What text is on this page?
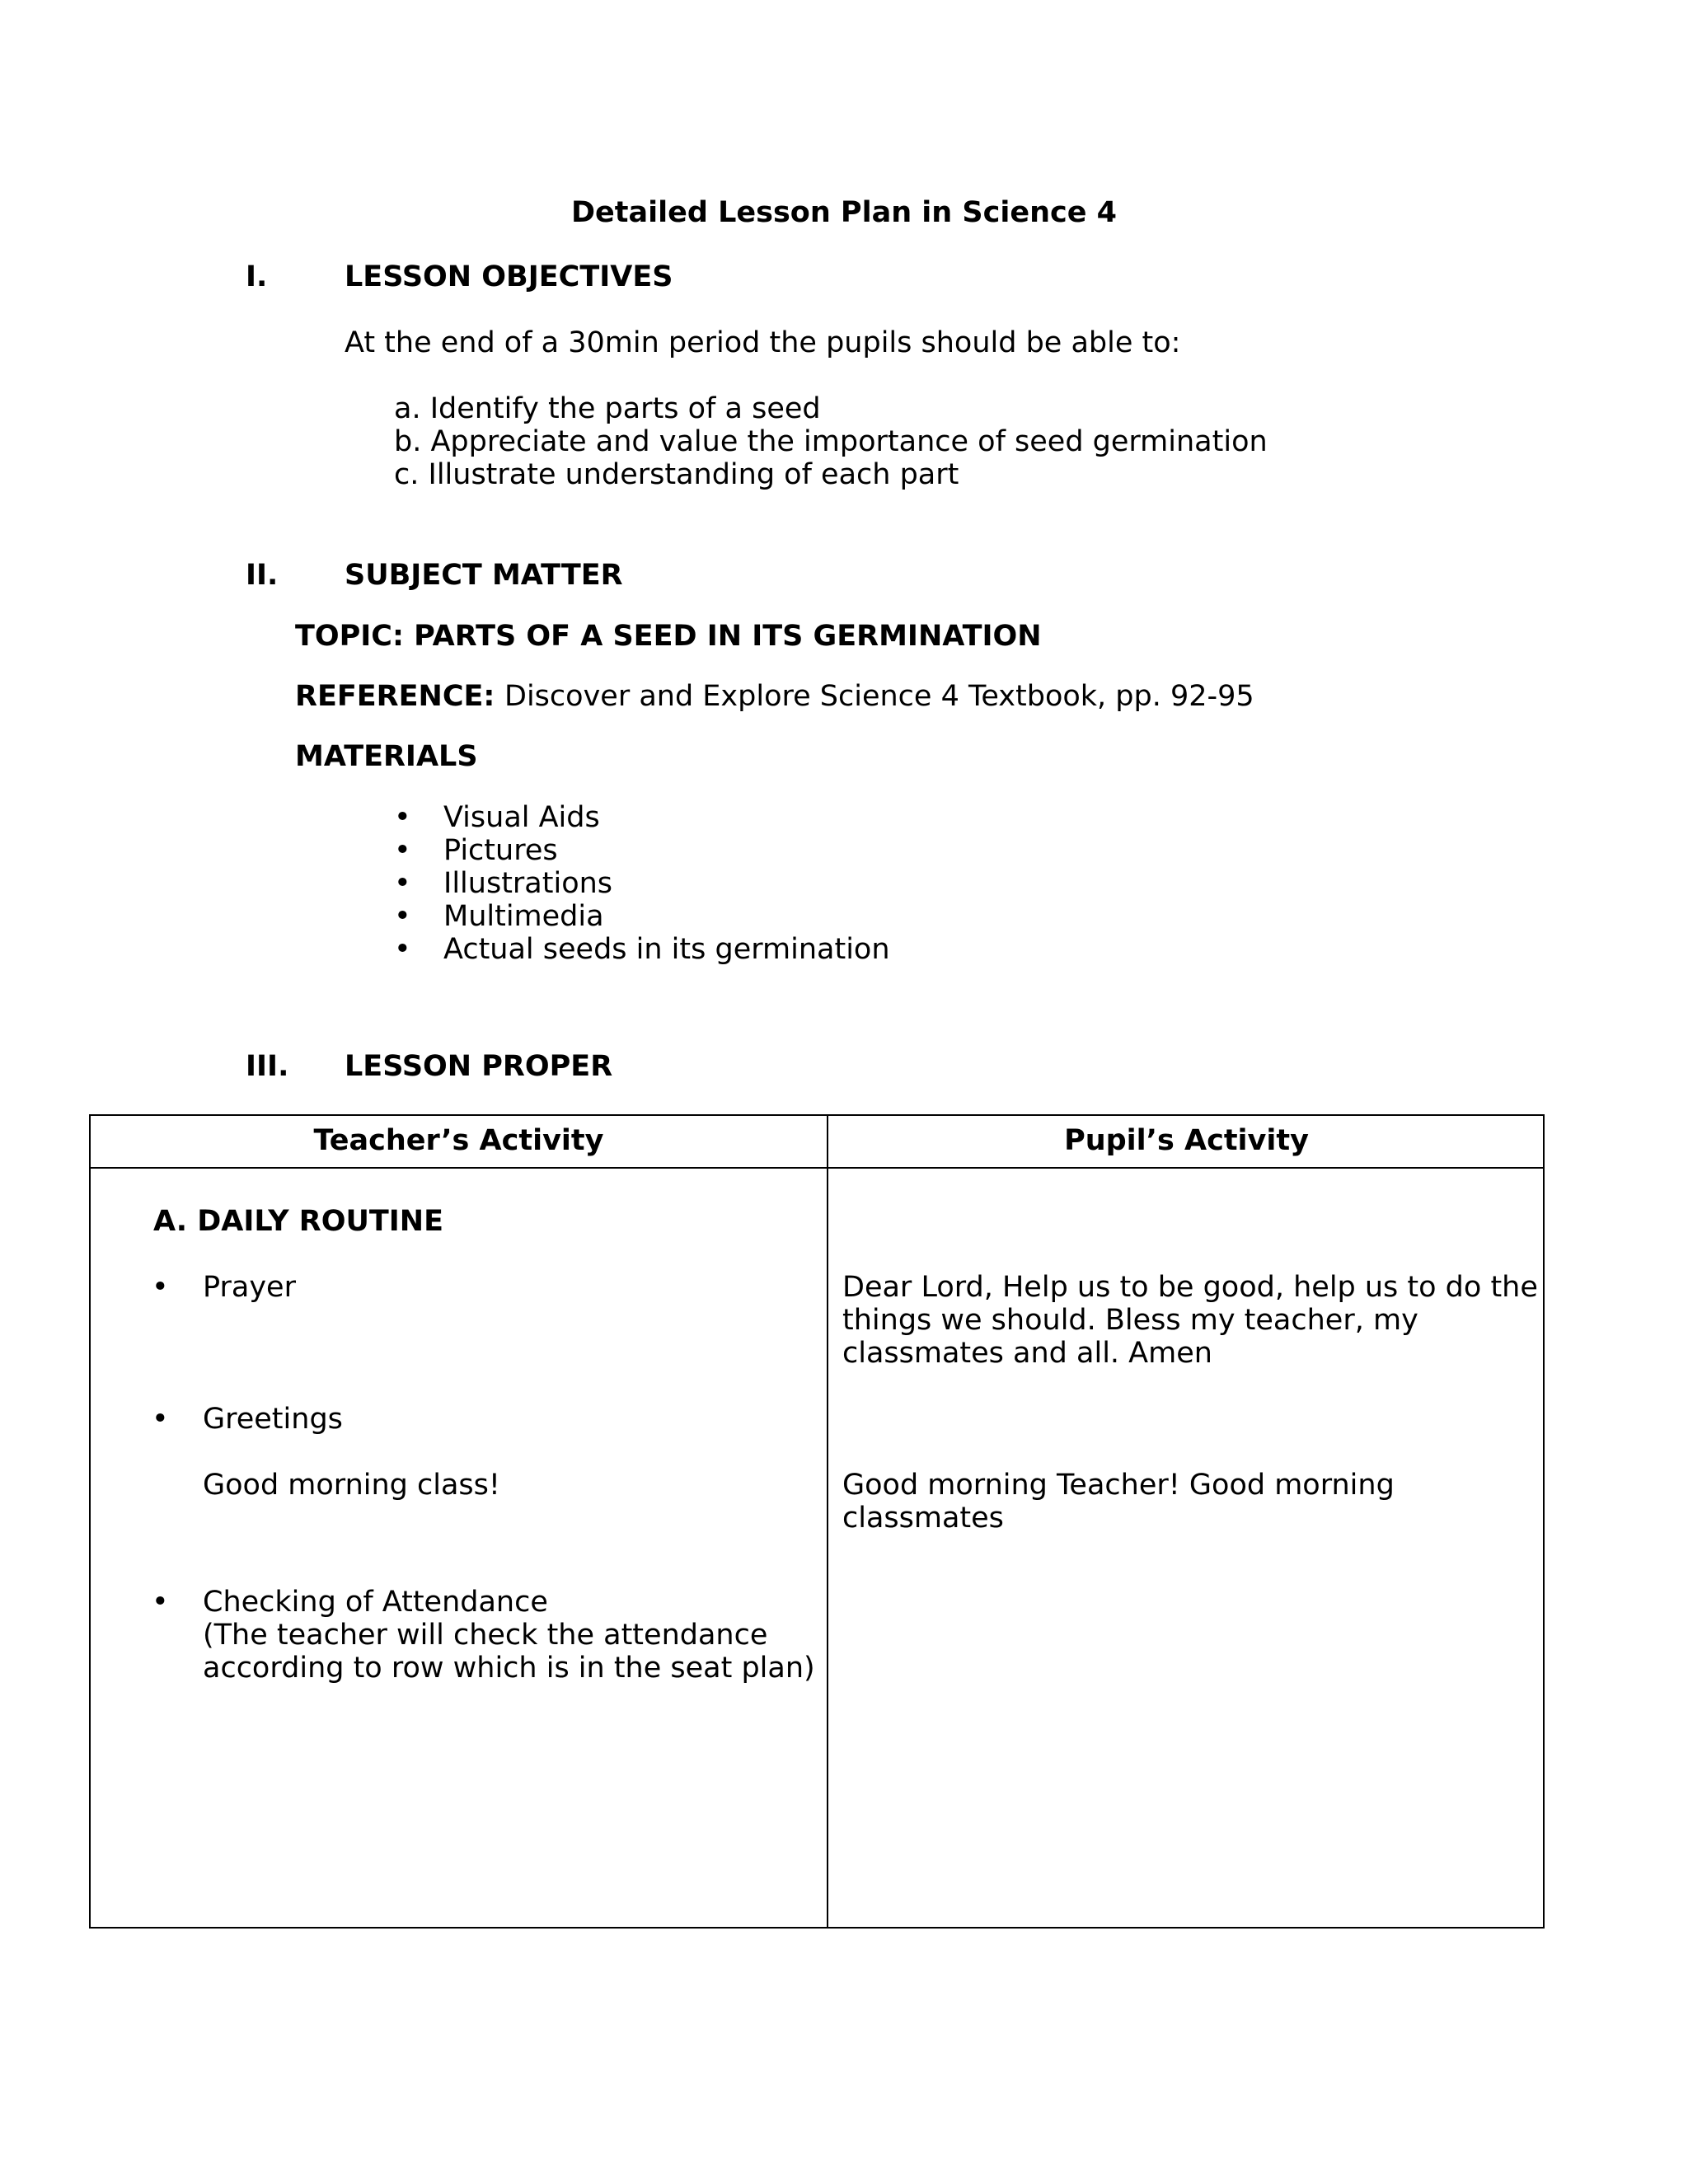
Detailed Lesson Plan in Science 4
I.	LESSON OBJECTIVES
At the end of a 30min period the pupils should be able to:
a. Identify the parts of a seed
b. Appreciate and value the importance of seed germination
c. Illustrate understanding of each part
II. SUBJECT MATTER
TOPIC: PARTS OF A SEED IN ITS GERMINATION
REFERENCE: Discover and Explore Science 4 Textbook, pp. 92-95
MATERIALS
• Visual Aids
• Pictures
• Illustrations
• Multimedia
• Actual seeds in its germination
III. LESSON PROPER
Teacher’s Activity	Pupil’s Activity
A. DAILY ROUTINE
• Prayer
• Greetings
Good morning class!
• Checking of Attendance
(The teacher will check the attendance
according to row which is in the seat plan)
Dear Lord, Help us to be good, help us to do the
things we should. Bless my teacher, my
classmates and all. Amen
Good morning Teacher! Good morning
classmates
